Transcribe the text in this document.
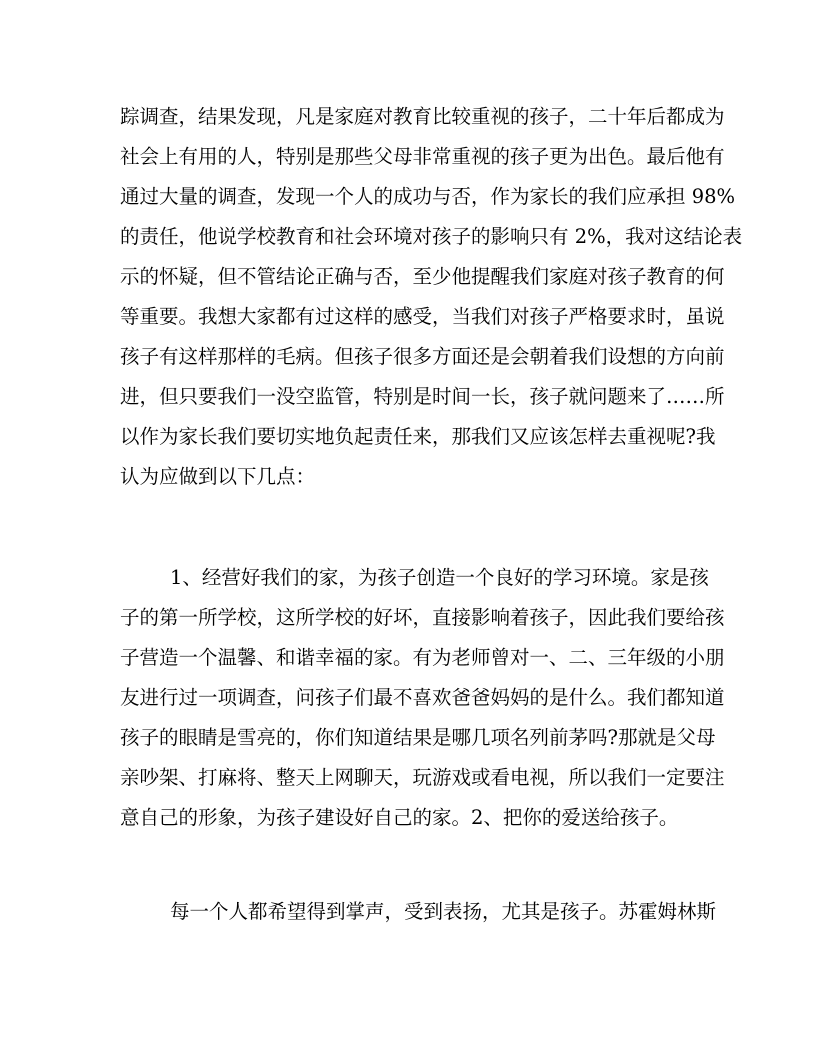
踪调查，结果发现，凡是家庭对教育比较重视的孩子，二十年后都成为

社会上有用的人，特别是那些父母非常重视的孩子更为出色。最后他有

通过大量的调查，发现一个人的成功与否，作为家长的我们应承担 98%

的责任，他说学校教育和社会环境对孩子的影响只有 2%，我对这结论表

示的怀疑，但不管结论正确与否，至少他提醒我们家庭对孩子教育的何

等重要。我想大家都有过这样的感受，当我们对孩子严格要求时，虽说

孩子有这样那样的毛病。但孩子很多方面还是会朝着我们设想的方向前

进，但只要我们一没空监管，特别是时间一长，孩子就问题来了……所

以作为家长我们要切实地负起责任来，那我们又应该怎样去重视呢?我

认为应做到以下几点：

1、经营好我们的家，为孩子创造一个良好的学习环境。家是孩

子的第一所学校，这所学校的好坏，直接影响着孩子，因此我们要给孩

子营造一个温馨、和谐幸福的家。有为老师曾对一、二、三年级的小朋

友进行过一项调查，问孩子们最不喜欢爸爸妈妈的是什么。我们都知道

孩子的眼睛是雪亮的，你们知道结果是哪几项名列前茅吗?那就是父母

亲吵架、打麻将、整天上网聊天，玩游戏或看电视，所以我们一定要注

意自己的形象，为孩子建设好自己的家。2、把你的爱送给孩子。

每一个人都希望得到掌声，受到表扬，尤其是孩子。苏霍姆林斯
